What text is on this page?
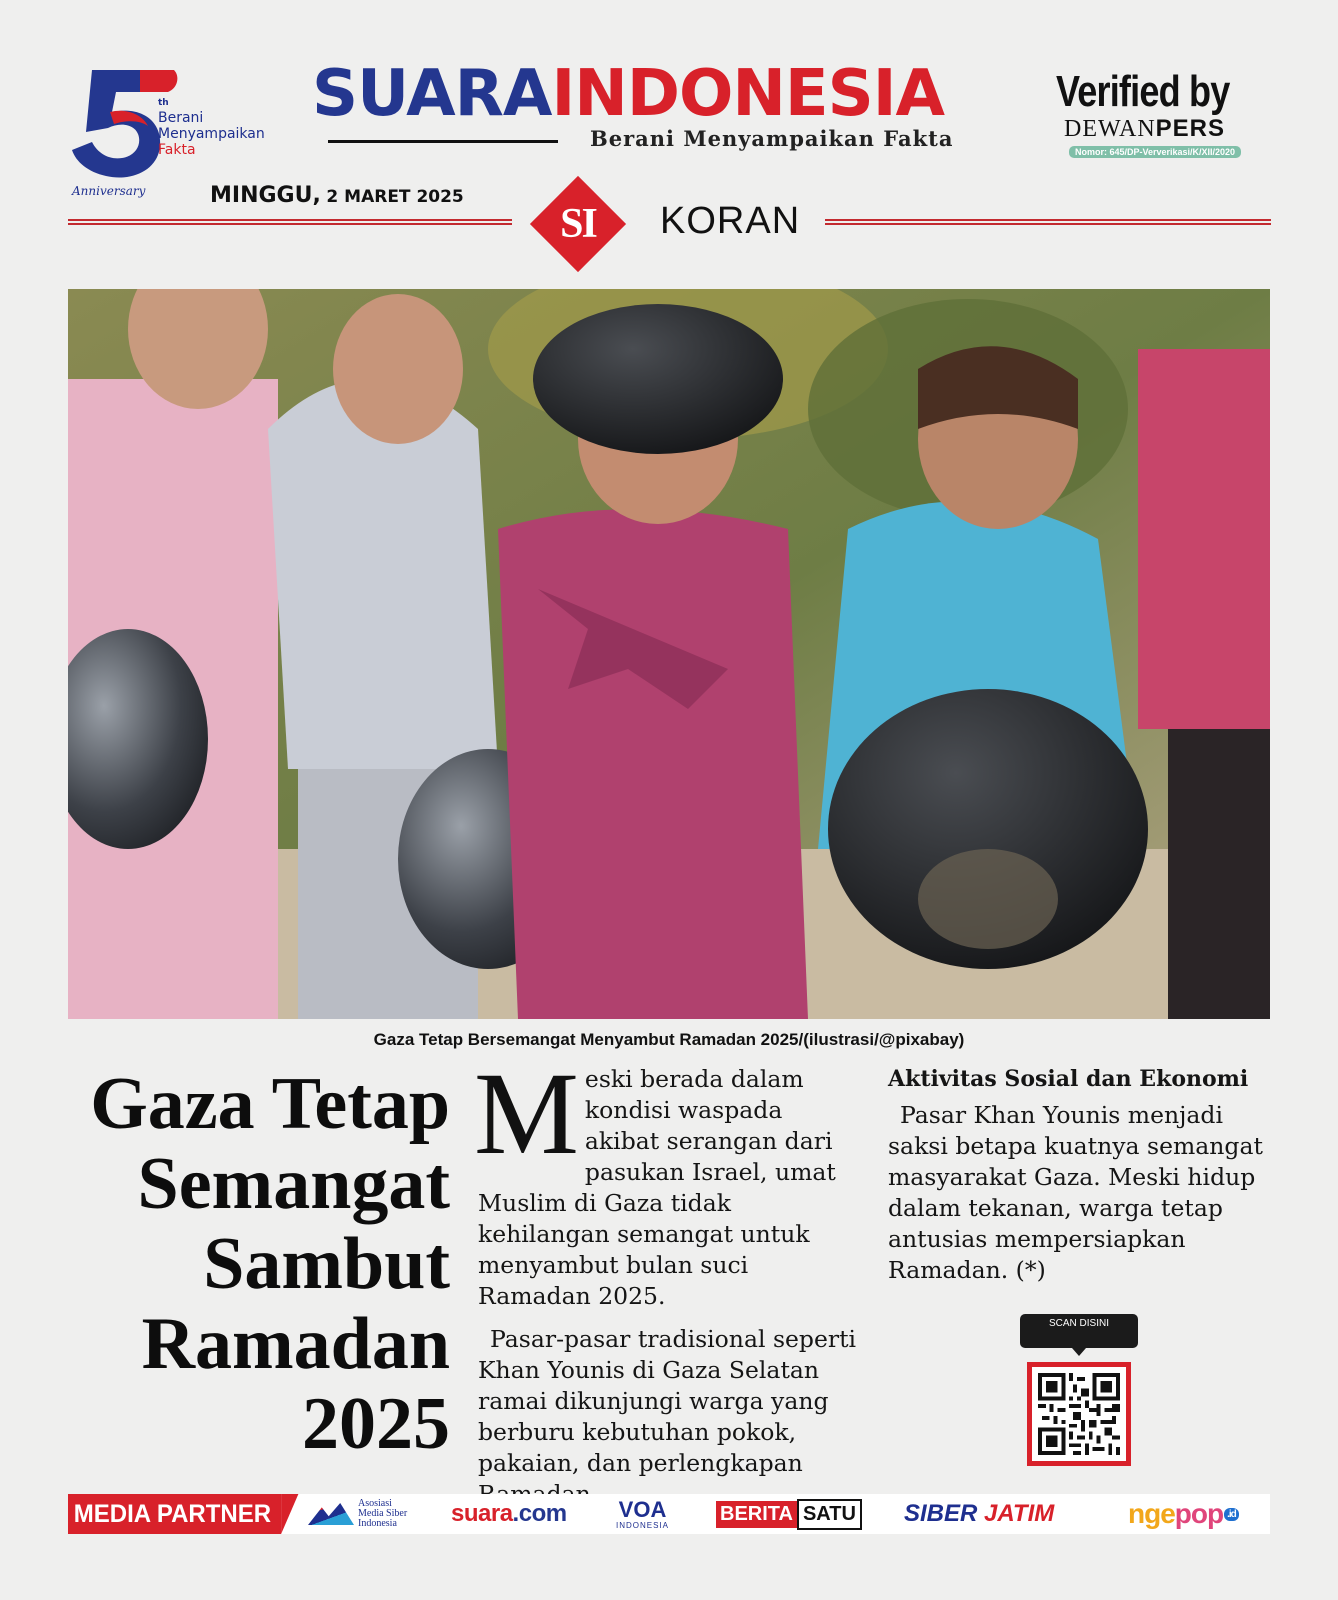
th
Berani
Menyampaikan
Fakta
Anniversary
SUARAINDONESIA
Berani Menyampaikan Fakta
Verified by
DEWANPERS
Nomor: 645/DP-Ververikasi/K/XII/2020
MINGGU, 2 MARET 2025
SI	KORAN
Gaza Tetap Bersemangat Menyambut Ramadan 2025/(ilustrasi/@pixabay)
Gaza Tetap Semangat Sambut Ramadan 2025

Meski berada dalam kondisi waspada akibat serangan dari pasukan Israel, umat Muslim di Gaza tidak kehilangan semangat untuk menyambut bulan suci Ramadan 2025.

Pasar-pasar tradisional seperti Khan Younis di Gaza Selatan ramai dikunjungi warga yang berburu kebutuhan pokok, pakaian, dan perlengkapan

Aktivitas Sosial dan Ekonomi

Pasar Khan Younis menjadi saksi betapa kuatnya semangat masyarakat Gaza. Meski hidup dalam tekanan, warga tetap antusias mempersiapkan Ramadan. (*)

SCAN DISINI
MEDIA PARTNER	Asosiasi
Media Siber
Indonesia	suara .com VOA
INDONESIA
BERITA SATU SIBER
JATIM	nge pop .id
